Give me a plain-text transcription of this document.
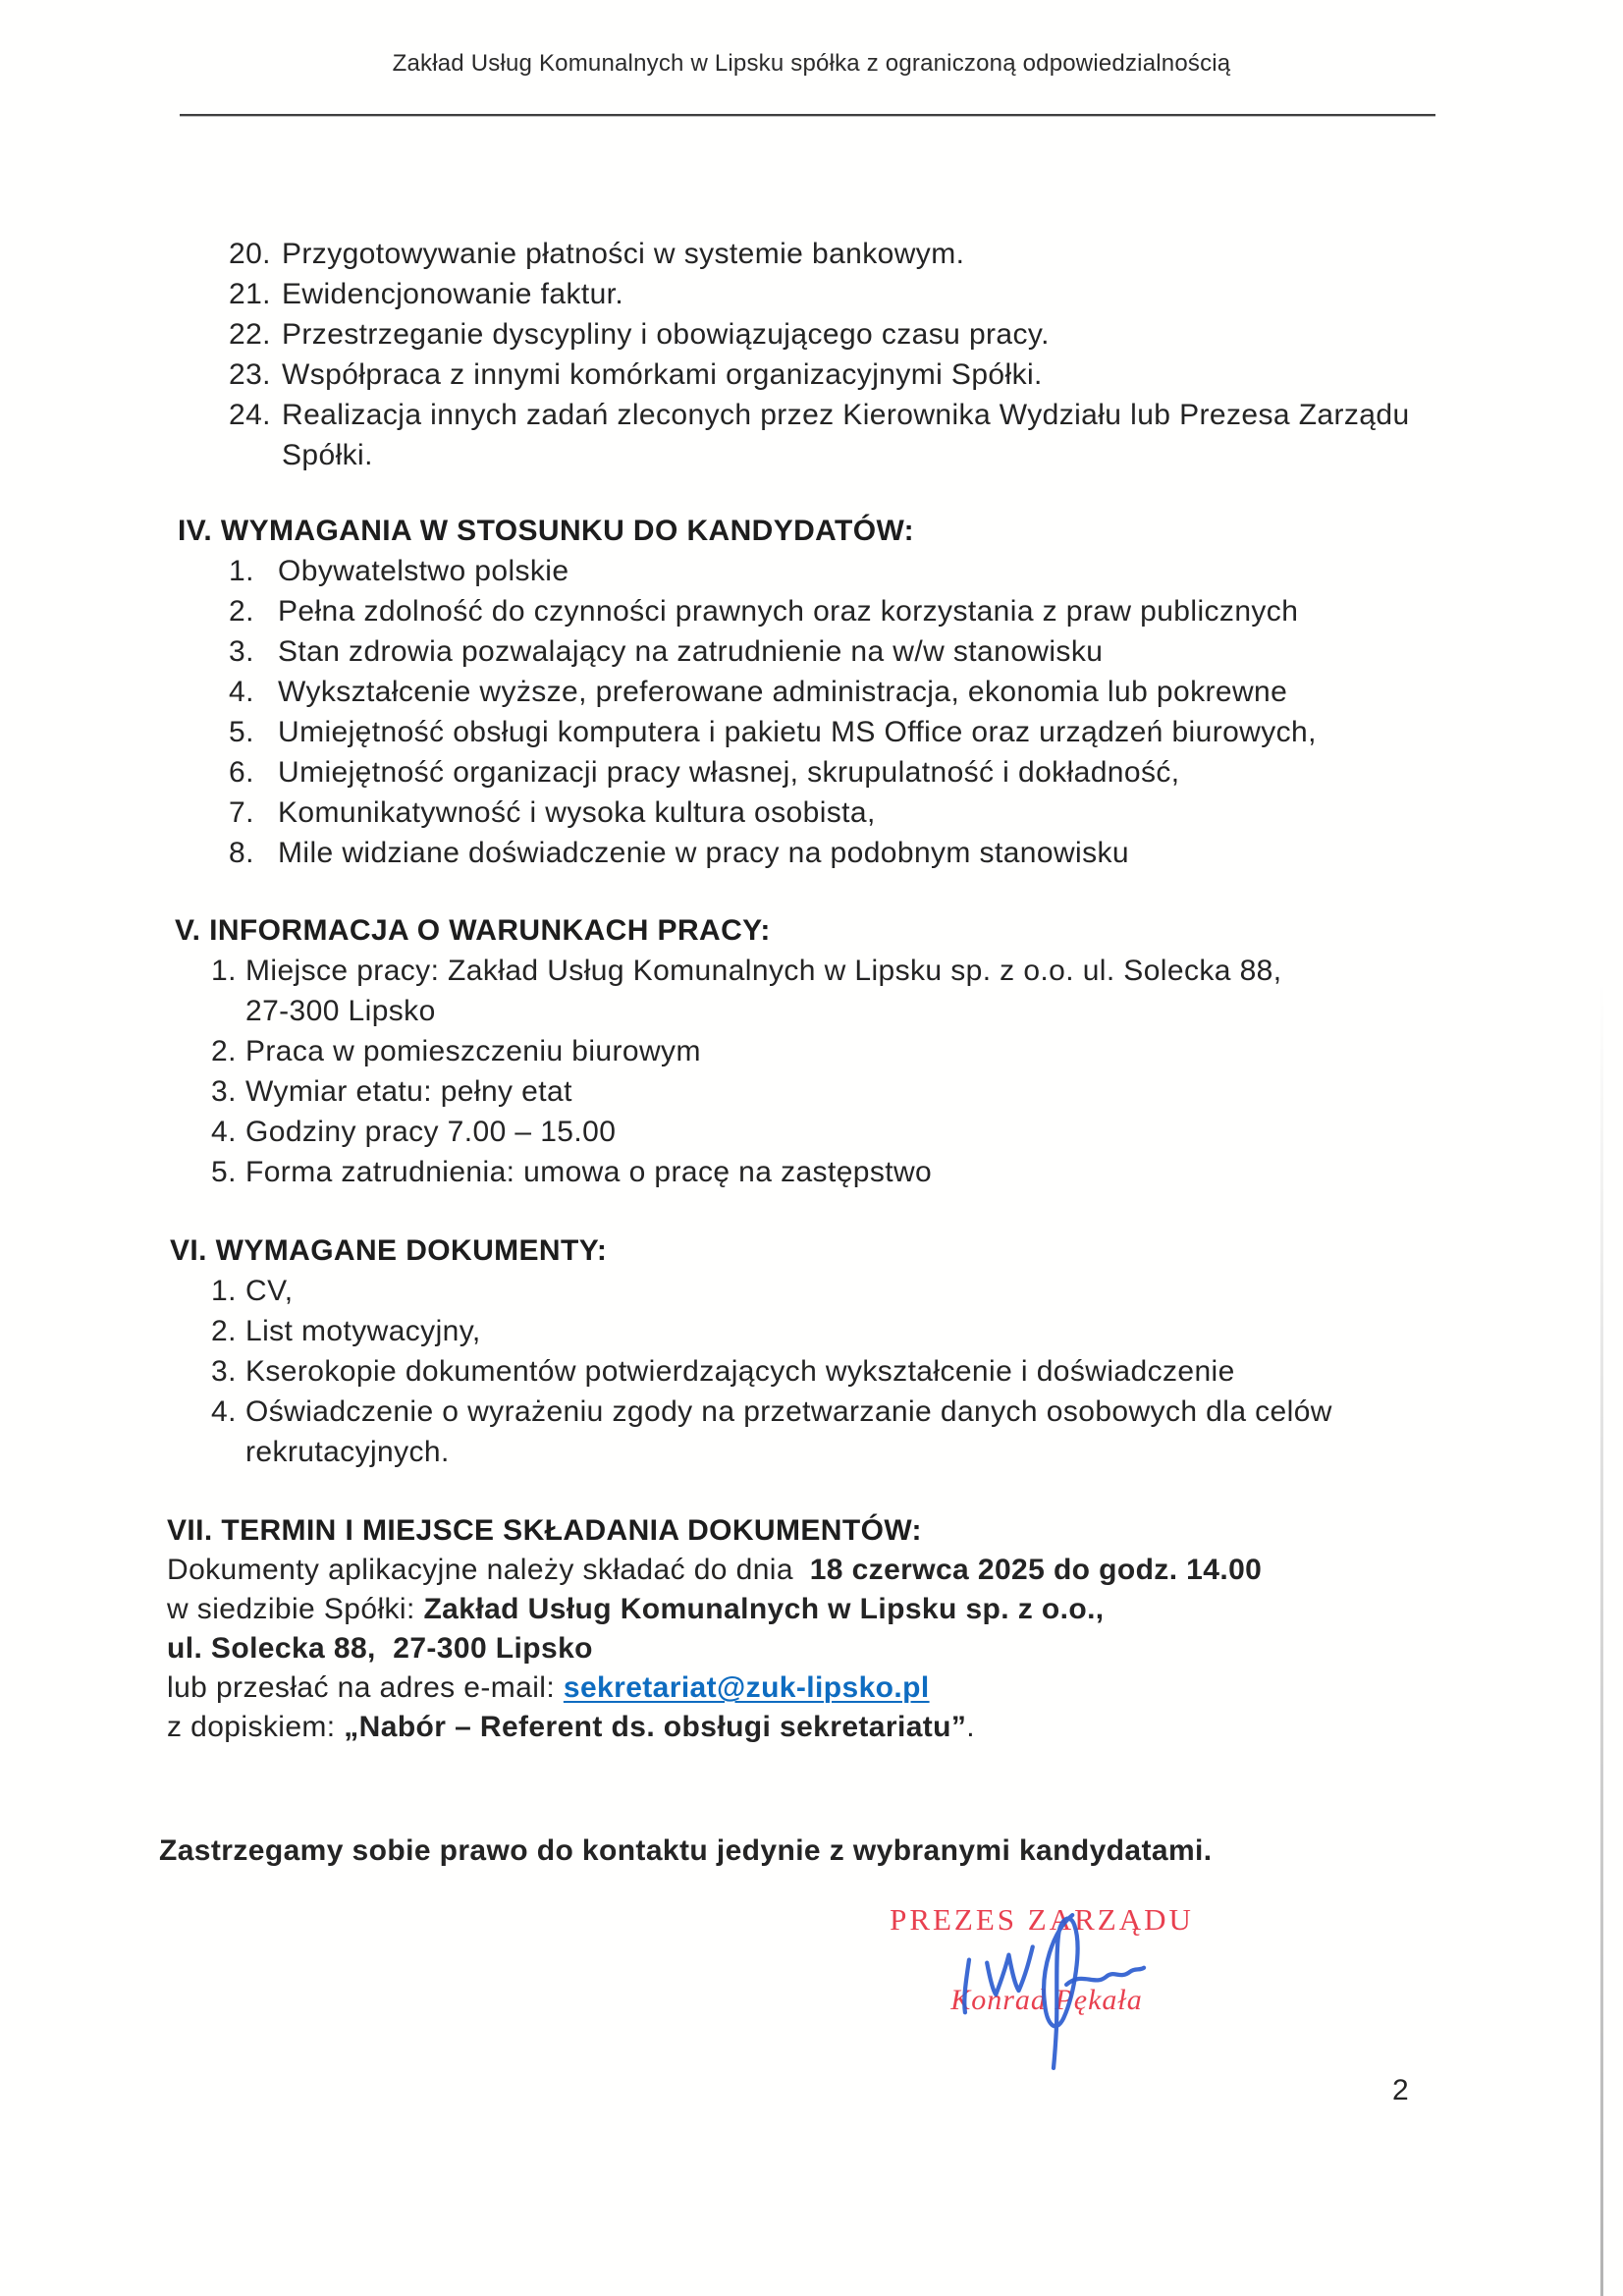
Zakład Usług Komunalnych w Lipsku spółka z ograniczoną odpowiedzialnością
20. Przygotowywanie płatności w systemie bankowym.
21. Ewidencjonowanie faktur.
22. Przestrzeganie dyscypliny i obowiązującego czasu pracy.
23. Współpraca z innymi komórkami organizacyjnymi Spółki.
24. Realizacja innych zadań zleconych przez Kierownika Wydziału lub Prezesa Zarządu
Spółki.
IV. WYMAGANIA W STOSUNKU DO KANDYDATÓW:
1. Obywatelstwo polskie
2. Pełna zdolność do czynności prawnych oraz korzystania z praw publicznych
3. Stan zdrowia pozwalający na zatrudnienie na w/w stanowisku
4. Wykształcenie wyższe, preferowane administracja, ekonomia lub pokrewne
5. Umiejętność obsługi komputera i pakietu MS Office oraz urządzeń biurowych,
6. Umiejętność organizacji pracy własnej, skrupulatność i dokładność,
7. Komunikatywność i wysoka kultura osobista,
8. Mile widziane doświadczenie w pracy na podobnym stanowisku
V. INFORMACJA O WARUNKACH PRACY:
1. Miejsce pracy: Zakład Usług Komunalnych w Lipsku sp. z o.o. ul. Solecka 88,
27-300 Lipsko
2. Praca w pomieszczeniu biurowym
3. Wymiar etatu: pełny etat
4. Godziny pracy 7.00 – 15.00
5. Forma zatrudnienia: umowa o pracę na zastępstwo
VI. WYMAGANE DOKUMENTY:
1. CV,
2. List motywacyjny,
3. Kserokopie dokumentów potwierdzających wykształcenie i doświadczenie
4. Oświadczenie o wyrażeniu zgody na przetwarzanie danych osobowych dla celów
rekrutacyjnych.
VII. TERMIN I MIEJSCE SKŁADANIA DOKUMENTÓW:
Dokumenty aplikacyjne należy składać do dnia 18 czerwca 2025 do godz. 14.00
w siedzibie Spółki: Zakład Usług Komunalnych w Lipsku sp. z o.o.,
ul. Solecka 88,  27-300 Lipsko
lub przesłać na adres e-mail: sekretariat@zuk-lipsko.pl
z dopiskiem: „Nabór – Referent ds. obsługi sekretariatu”.
Zastrzegamy sobie prawo do kontaktu jedynie z wybranymi kandydatami.
PREZES ZARZĄDU
Konrad Pękała
2
